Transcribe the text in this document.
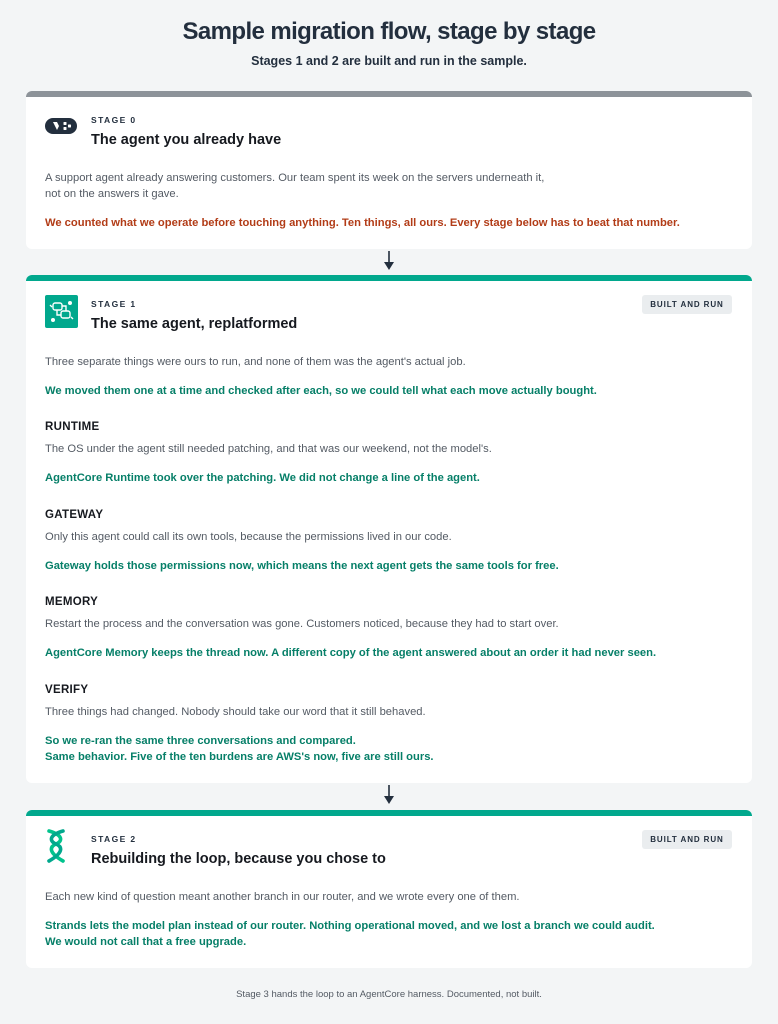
Sample migration flow, stage by stage
Stages 1 and 2 are built and run in the sample.
STAGE 0
The agent you already have
A support agent already answering customers. Our team spent its week on the servers underneath it,
not on the answers it gave.
We counted what we operate before touching anything. Ten things, all ours. Every stage below has to beat that number.
STAGE 1
The same agent, replatformed
BUILT AND RUN
Three separate things were ours to run, and none of them was the agent's actual job.
We moved them one at a time and checked after each, so we could tell what each move actually bought.
RUNTIME
The OS under the agent still needed patching, and that was our weekend, not the model's.
AgentCore Runtime took over the patching. We did not change a line of the agent.
GATEWAY
Only this agent could call its own tools, because the permissions lived in our code.
Gateway holds those permissions now, which means the next agent gets the same tools for free.
MEMORY
Restart the process and the conversation was gone. Customers noticed, because they had to start over.
AgentCore Memory keeps the thread now. A different copy of the agent answered about an order it had never seen.
VERIFY
Three things had changed. Nobody should take our word that it still behaved.
So we re-ran the same three conversations and compared.
Same behavior. Five of the ten burdens are AWS's now, five are still ours.
STAGE 2
Rebuilding the loop, because you chose to
BUILT AND RUN
Each new kind of question meant another branch in our router, and we wrote every one of them.
Strands lets the model plan instead of our router. Nothing operational moved, and we lost a branch we could audit.
We would not call that a free upgrade.
Stage 3 hands the loop to an AgentCore harness. Documented, not built.
